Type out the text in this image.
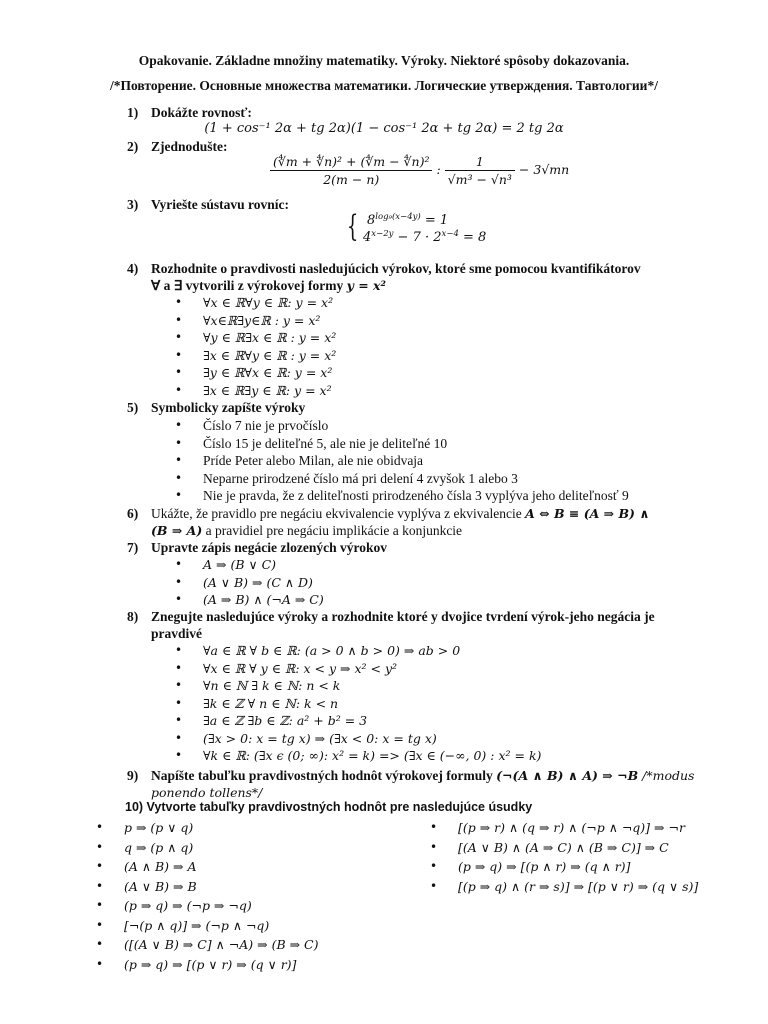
Opakovanie. Základne množiny matematiky. Výroky. Niektoré spôsoby dokazovania.
/*Повторение. Основные множества математики. Логические утверждения. Тавтологии*/
1) Dokážte rovnosť:
(1 + cos⁻¹ 2α + tg 2α)(1 − cos⁻¹ 2α + tg 2α) = 2 tg 2α
2) Zjednodušte:
$\frac{\text{(∜m + ∜n)² + (∜m − ∜n)²}}{2(m - n)}$ : $\frac{1}{\text{√m³ − √n³}} - 3√mn$
3) Vyriešte sústavu rovníc:
{ $8^{log_9(x-4y)} = 1$
$4^{x-2y} - 7 \cdot 2^{x-4} = 8$
4) Rozhodnite o pravdivosti nasledujúcich výrokov, ktoré sme pomocou kvantifikátorov
∀ a ∃ vytvorili z výrokovej formy y = x²
• ∀x ∈ ℝ∀y ∈ ℝ: y = x²
• ∀x∈ℝ∃y∈ℝ : y = x²
• ∀y ∈ ℝ∃x ∈ ℝ : y = x²
• ∃x ∈ ℝ∀y ∈ ℝ : y = x²
• ∃y ∈ ℝ∀x ∈ ℝ: y = x²
• ∃x ∈ ℝ∃y ∈ ℝ: y = x²
5) Symbolicky zapíšte výroky
• Číslo 7 nie je prvočíslo
• Číslo 15 je deliteľné 5, ale nie je deliteľné 10
• Príde Peter alebo Milan, ale nie obidvaja
• Neparne prirodzené číslo má pri delení 4 zvyšok 1 alebo 3
• Nie je pravda, že z deliteľnosti prirodzeného čísla 3 vyplýva jeho deliteľnosť 9
6) Ukážte, že pravidlo pre negáciu ekvivalencie vyplýva z ekvivalencie A ⇔ B ≡ (A ⇒ B) ∧
(B ⇒ A) a pravidiel pre negáciu implikácie a konjunkcie
7) Upravte zápis negácie zlozených výrokov
• A ⇒ (B ∨ C)
• (A ∨ B) ⇒ (C ∧ D)
• (A ⇒ B) ∧ (¬A ⇒ C)
8) Znegujte nasledujúce výroky a rozhodnite ktoré y dvojice tvrdení výrok-jeho negácia je
pravdivé
• ∀a ∈ ℝ ∀ b ∈ ℝ: (a > 0 ∧ b > 0) ⇒ ab > 0
• ∀x ∈ ℝ ∀ y ∈ ℝ: x < y ⇒ x² < y²
• ∀n ∈ ℕ ∃ k ∈ ℕ: n < k
• ∃k ∈ ℤ ∀ n ∈ ℕ: k < n
• ∃a ∈ ℤ ∃b ∈ ℤ: a² + b² = 3
• (∃x > 0: x = tg x) ⇒ (∃x < 0: x = tg x)
• ∀k ∈ ℝ: (∃x ϵ (0; ∞): x² = k) => (∃x ∈ (−∞, 0) : x² = k)
9) Napíšte tabuľku pravdivostných hodnôt výrokovej formuly (¬(A ∧ B) ∧ A) ⇒ ¬B /*modus
ponendo tollens*/
10) Vytvorte tabuľky pravdivostných hodnôt pre nasledujúce úsudky
• p ⇒ (p ∨ q)
• q ⇒ (p ∧ q)
• (A ∧ B) ⇒ A
• (A ∨ B) ⇒ B
• (p ⇒ q) ⇒ (¬p ⇒ ¬q)
• [¬(p ∧ q)] ⇒ (¬p ∧ ¬q)
• ([(A ∨ B) ⇒ C] ∧ ¬A) ⇒ (B ⇒ C)
• (p ⇒ q) ⇒ [(p ∨ r) ⇒ (q ∨ r)]
• [(p ⇒ r) ∧ (q ⇒ r) ∧ (¬p ∧ ¬q)] ⇒ ¬r
• [(A ∨ B) ∧ (A ⇒ C) ∧ (B ⇒ C)] ⇒ C
• (p ⇒ q) ⇒ [(p ∧ r) ⇒ (q ∧ r)]
• [(p ⇒ q) ∧ (r ⇒ s)] ⇒ [(p ∨ r) ⇒ (q ∨ s)]
